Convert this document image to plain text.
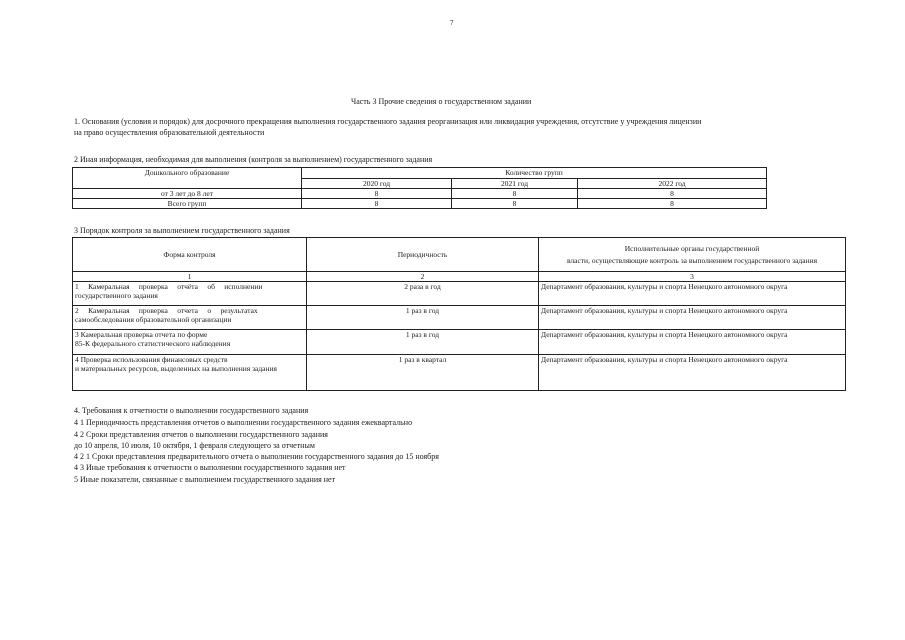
7
Часть 3 Прочие сведения о государственном задании
1. Основания (условия и порядок) для досрочного прекращения выполнения государственного задания реорганизация или ликвидация учреждения, отсутствие у учреждения лицензии
на право осуществления образовательной деятельности
2 Иная информация, необходимая для выполнения (контроля за выполнением) государственного задания
Дошкольного образование	Количество групп		
	2020 год	2021 год	2022 год
от 3 лет до 8 лет	8	8	8
Всего групп	8	8	8
3 Порядок контроля за выполнением государственного задания
Форма контроля	Периодичность	Исполнительные органы государственной
власти, осуществляющие контроль за выполнением государственного задания

1	2	3

1     Камеральная     проверка     отчёта     об     исполнении
государственного задания	2 раза в год	Департамент образования, культуры и спорта Ненецкого автономного округа

2     Камеральная     проверка     отчета     о     результатах
самообследования образовательной организации	1 раз в год	Департамент образования, культуры и спорта Ненецкого автономного округа

3 Камеральная проверка отчета по форме
85-К федерального статистического наблюдения	1 раз в год	Департамент образования, культуры и спорта Ненецкого автономного округа

4 Проверка использования финансовых средств
и материальных ресурсов, выделенных на выполнения задания	1 раз в квартал	Департамент образования, культуры и спорта Ненецкого автономного округа
4. Требования к отчетности о выполнении государственного задания
4 1 Периодичность представления отчетов о выполнении государственного задания ежеквартально
4 2 Сроки представления отчетов о выполнении государственного задания
до 10 апреля, 10 июля, 10 октября, 1 февраля следующего за отчетным
4 2 1 Сроки представления предварительного отчета о выполнении государственного задания до 15 ноября
4 3 Иные требования к отчетности о выполнении государственного задания нет
5 Иные показатели, связанные с выполнением государственного задания нет
